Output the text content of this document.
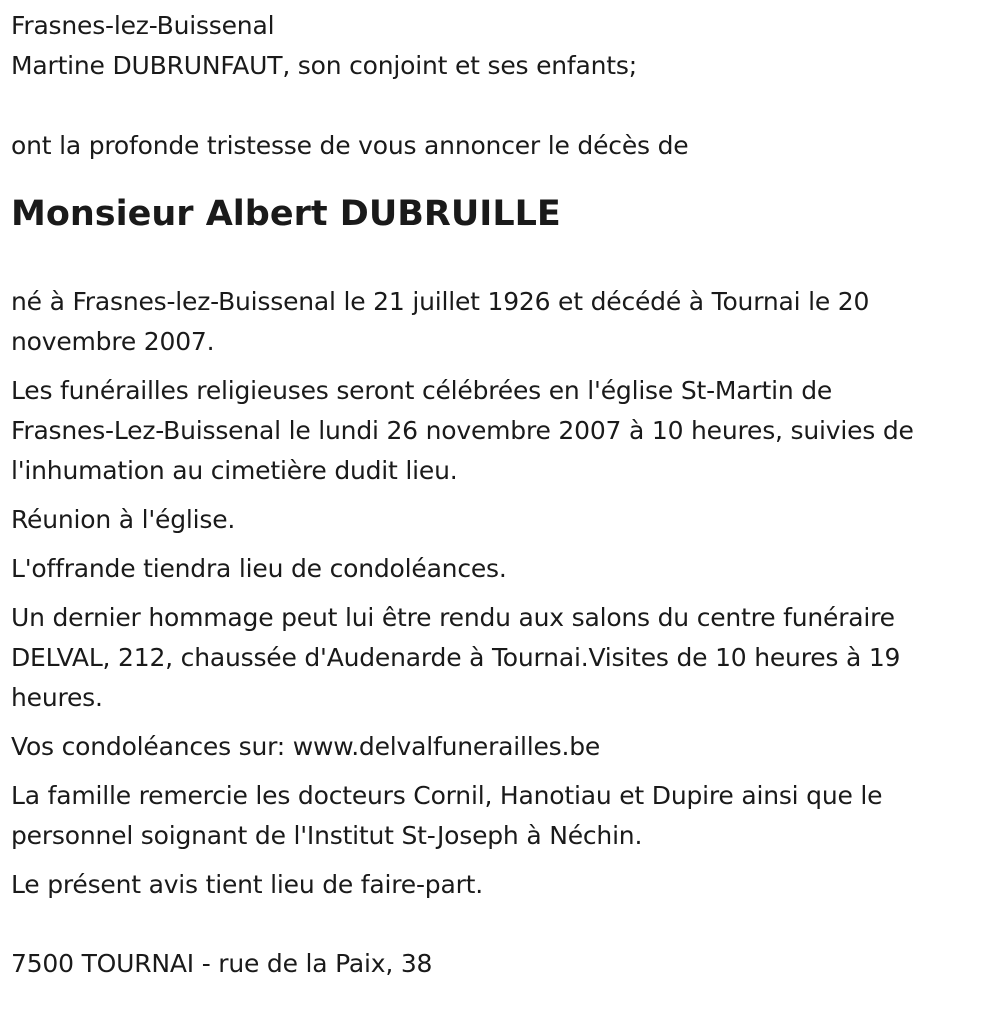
Frasnes-lez-Buissenal

Martine DUBRUNFAUT, son conjoint et ses enfants;

ont la profonde tristesse de vous annoncer le décès de

Monsieur Albert DUBRUILLE
né à Frasnes-lez-Buissenal le 21 juillet 1926 et décédé à Tournai le 20
novembre 2007.
Les funérailles religieuses seront célébrées en l'église St-Martin de
Frasnes-Lez-Buissenal le lundi 26 novembre 2007 à 10 heures, suivies de
l'inhumation au cimetière dudit lieu.
Réunion à l'église.
L'offrande tiendra lieu de condoléances.
Un dernier hommage peut lui être rendu aux salons du centre funéraire
DELVAL, 212, chaussée d'Audenarde à Tournai.Visites de 10 heures à 19
heures.
Vos condoléances sur: www.delvalfunerailles.be
La famille remercie les docteurs Cornil, Hanotiau et Dupire ainsi que le
personnel soignant de l'Institut St-Joseph à Néchin.
Le présent avis tient lieu de faire-part.

7500 TOURNAI - rue de la Paix, 38
